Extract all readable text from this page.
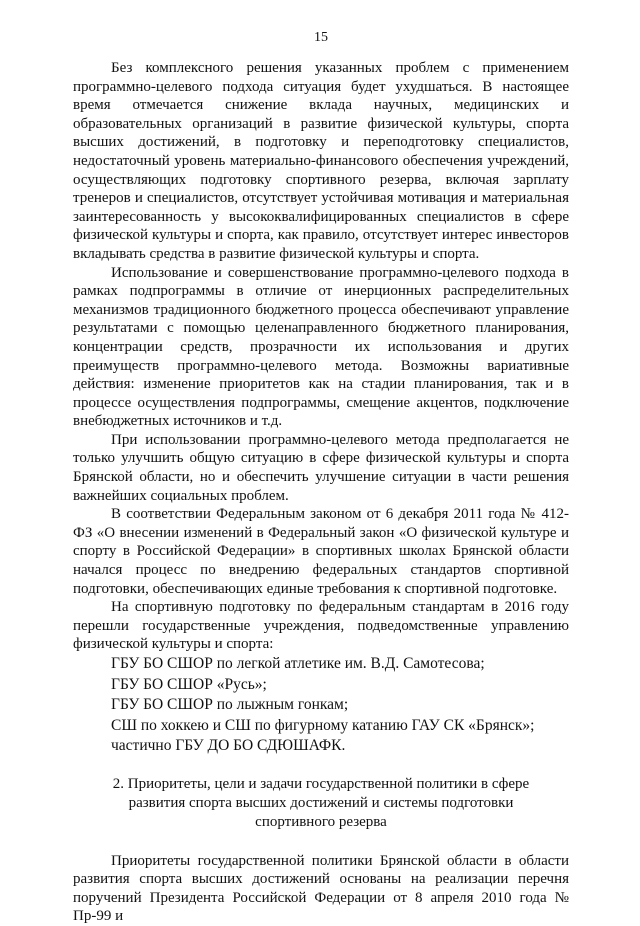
15

Без комплексного решения указанных проблем с применением программно-целевого подхода ситуация будет ухудшаться. В настоящее время отмечается снижение вклада научных, медицинских и образовательных организаций в развитие физической культуры, спорта высших достижений, в подготовку и переподготовку специалистов, недостаточный уровень материально-финансового обеспечения учреждений, осуществляющих подготовку спортивного резерва, включая зарплату тренеров и специалистов, отсутствует устойчивая мотивация и материальная заинтересованность у высококвалифицированных специалистов в сфере физической культуры и спорта, как правило, отсутствует интерес инвесторов вкладывать средства в развитие физической культуры и спорта.

Использование и совершенствование программно-целевого подхода в рамках подпрограммы в отличие от инерционных распределительных механизмов традиционного бюджетного процесса обеспечивают управление результатами с помощью целенаправленного бюджетного планирования, концентрации средств, прозрачности их использования и других преимуществ программно-целевого метода. Возможны вариативные действия: изменение приоритетов как на стадии планирования, так и в процессе осуществления подпрограммы, смещение акцентов, подключение внебюджетных источников и т.д.

При использовании программно-целевого метода предполагается не только улучшить общую ситуацию в сфере физической культуры и спорта Брянской области, но и обеспечить улучшение ситуации в части решения важнейших социальных проблем.

В соответствии Федеральным законом от 6 декабря 2011 года № 412-ФЗ «О внесении изменений в Федеральный закон «О физической культуре и спорту в Российской Федерации» в спортивных школах Брянской области начался процесс по внедрению федеральных стандартов спортивной подготовки, обеспечивающих единые требования к спортивной подготовке.

На спортивную подготовку по федеральным стандартам в 2016 году перешли государственные учреждения, подведомственные управлению физической культуры и спорта:

ГБУ БО СШОР по легкой атлетике им. В.Д. Самотесова;

ГБУ БО СШОР «Русь»;

ГБУ БО СШОР по лыжным гонкам;

СШ по хоккею и СШ по фигурному катанию ГАУ СК «Брянск»;

частично ГБУ ДО БО СДЮШАФК.

2. Приоритеты, цели и задачи государственной политики в сфере
развития спорта высших достижений и системы подготовки
спортивного резерва

Приоритеты государственной политики Брянской области в области развития спорта высших достижений основаны на реализации перечня поручений Президента Российской Федерации от 8 апреля 2010 года № Пр-99 и
